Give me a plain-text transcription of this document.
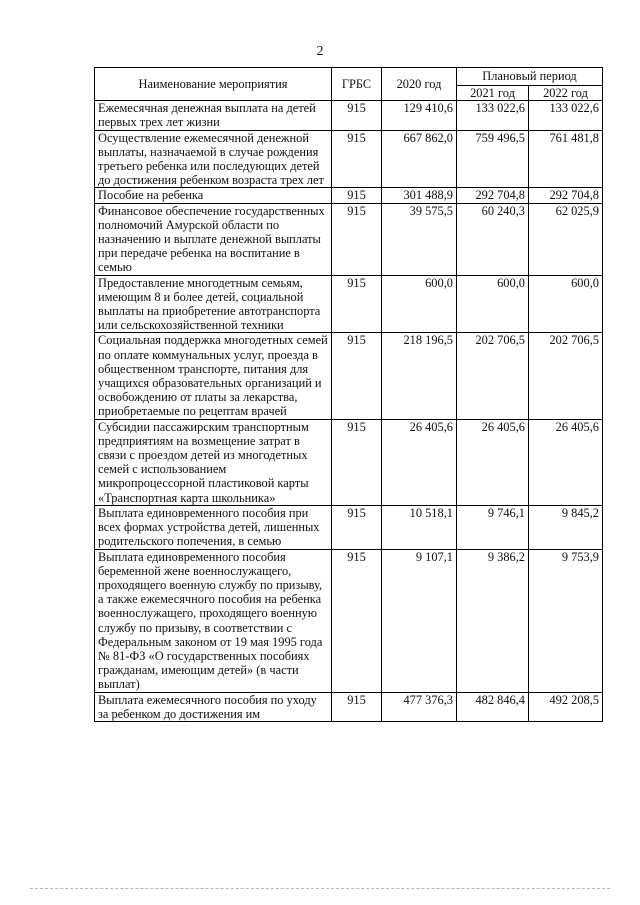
2
Наименование мероприятия	ГРБС	2020 год	Плановый период	
			2021 год	2022 год
Ежемесячная денежная выплата на детей первых трех лет жизни	915	129 410,6	133 022,6	133 022,6
Осуществление ежемесячной денежной выплаты, назначаемой в случае рождения третьего ребенка или последующих детей до достижения ребенком возраста трех лет	915	667 862,0	759 496,5	761 481,8
Пособие на ребенка	915	301 488,9	292 704,8	292 704,8
Финансовое обеспечение государственных полномочий Амурской области по назначению и выплате денежной выплаты при передаче ребенка на воспитание в семью	915	39 575,5	60 240,3	62 025,9
Предоставление многодетным семьям, имеющим 8 и более детей, социальной выплаты на приобретение автотранспорта или сельскохозяйственной техники	915	600,0	600,0	600,0
Социальная поддержка многодетных семей по оплате коммунальных услуг, проезда в общественном транспорте, питания для учащихся образовательных организаций и освобождению от платы за лекарства, приобретаемые по рецептам врачей	915	218 196,5	202 706,5	202 706,5
Субсидии пассажирским транспортным предприятиям на возмещение затрат в связи с проездом детей из многодетных семей с использованием микропроцессорной пластиковой карты «Транспортная карта школьника»	915	26 405,6	26 405,6	26 405,6
Выплата единовременного пособия при всех формах устройства детей, лишенных родительского попечения, в семью	915	10 518,1	9 746,1	9 845,2
Выплата единовременного пособия беременной жене военнослужащего, проходящего военную службу по призыву, а также ежемесячного пособия на ребенка военнослужащего, проходящего военную службу по призыву, в соответствии с Федеральным законом от 19 мая 1995 года № 81-ФЗ «О государственных пособиях гражданам, имеющим детей» (в части выплат)	915	9 107,1	9 386,2	9 753,9
Выплата ежемесячного пособия по уходу за ребенком до достижения им	915	477 376,3	482 846,4	492 208,5
